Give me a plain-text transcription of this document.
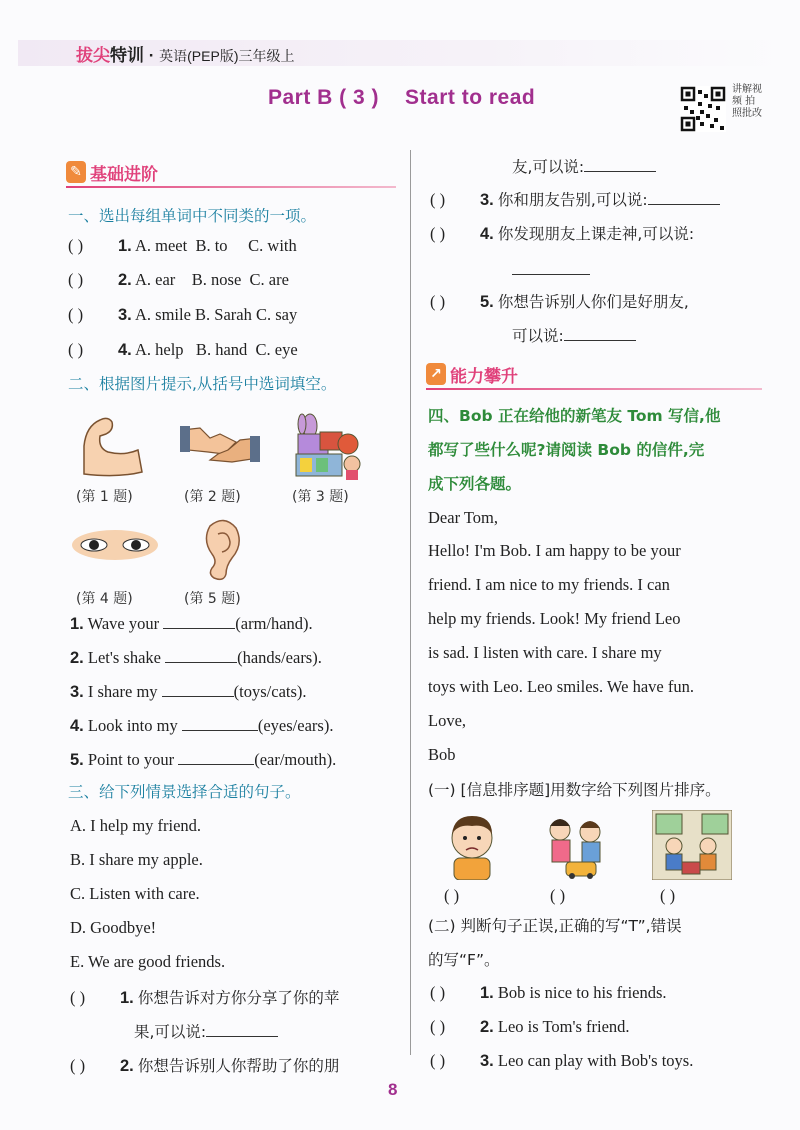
拔尖特训 · 英语(PEP版)三年级上
Part B ( 3 ) Start to read	讲解视频 拍照批改
✎ 基础进阶
一、选出每组单词中不同类的一项。
( ) 1. A. meet  B. to     C. with
( ) 2. A. ear    B. nose  C. are
( ) 3. A. smile B. Sarah C. say
( ) 4. A. help   B. hand  C. eye
二、根据图片提示,从括号中选词填空。
(第 1 题)	(第 2 题)	(第 3 题)
(第 4 题)	(第 5 题)
1. Wave your	(arm/hand).
2. Let's shake	(hands/ears).
3. I share my	(toys/cats).
4. Look into my	(eyes/ears).
5. Point to your	(ear/mouth).
三、给下列情景选择合适的句子。
A. I help my friend.
B. I share my apple.
C. Listen with care.
D. Goodbye!
E. We are good friends.
( ) 1. 你想告诉对方你分享了你的苹
果,可以说:
( ) 2. 你想告诉别人你帮助了你的朋
友,可以说:
( ) 3. 你和朋友告别,可以说:
( ) 4. 你发现朋友上课走神,可以说:
( ) 5. 你想告诉别人你们是好朋友,
可以说:
↗ 能力攀升
四、Bob 正在给他的新笔友 Tom 写信,他
都写了些什么呢?请阅读 Bob 的信件,完
成下列各题。
Dear Tom,
Hello! I'm Bob. I am happy to be your
friend. I am nice to my friends. I can
help my friends. Look! My friend Leo
is sad. I listen with care. I share my
toys with Leo. Leo smiles. We have fun.
Love,
Bob
(一) [信息排序题]用数字给下列图片排序。
( )	( )	( )
(二) 判断句子正误,正确的写“T”,错误
的写“F”。
( ) 1. Bob is nice to his friends.
( ) 2. Leo is Tom's friend.
( ) 3. Leo can play with Bob's toys.
8
